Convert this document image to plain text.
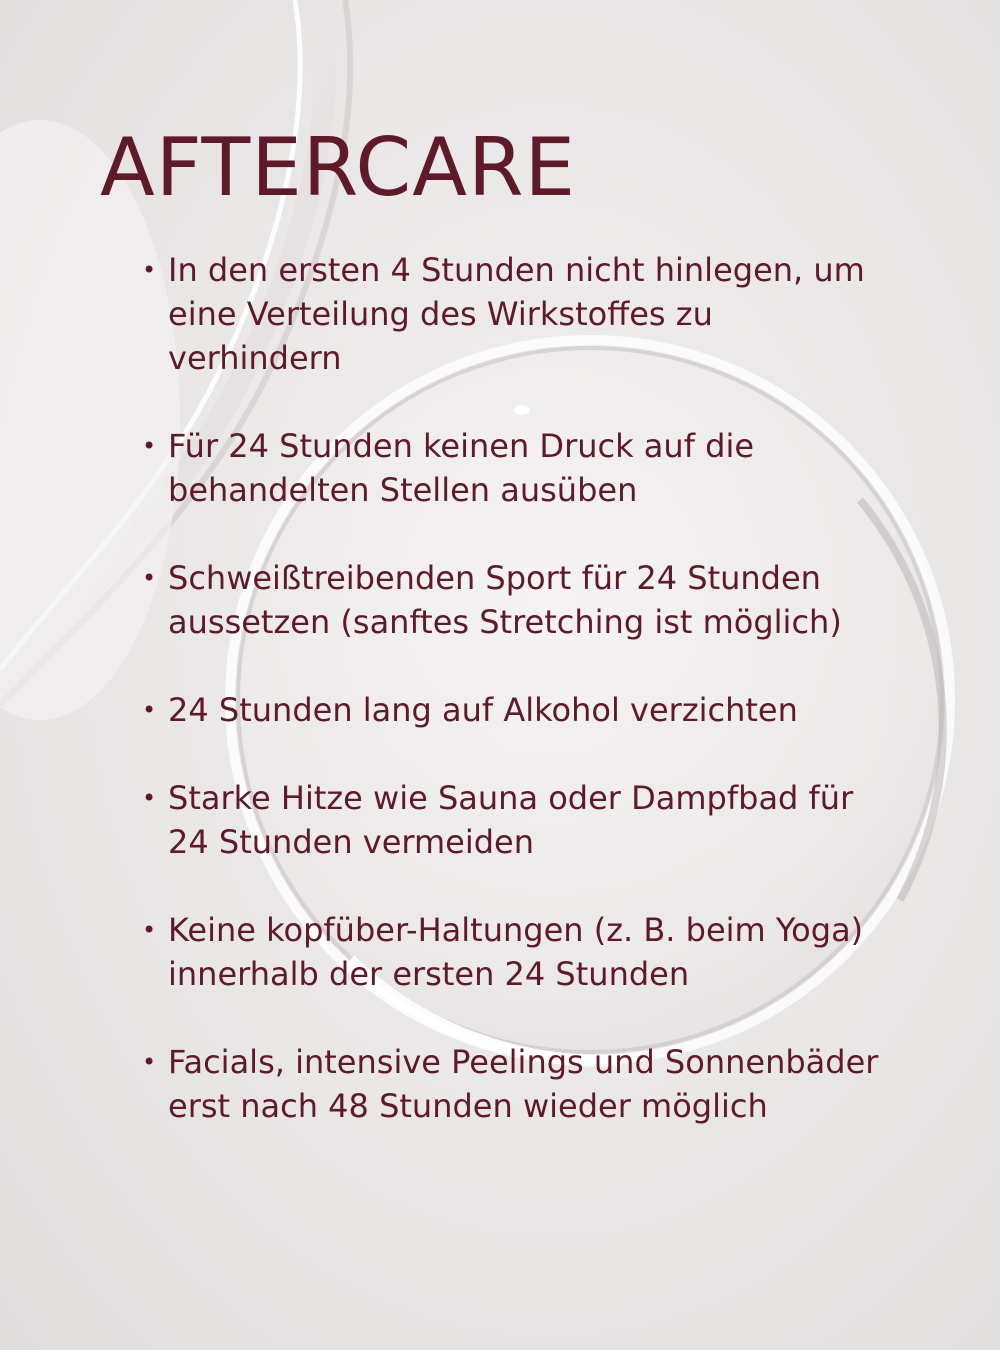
AFTERCARE
• In den ersten 4 Stunden nicht hinlegen, um eine Verteilung des Wirkstoffes zu verhindern
• Für 24 Stunden keinen Druck auf die behandelten Stellen ausüben
• Schweißtreibenden Sport für 24 Stunden aussetzen (sanftes Stretching ist möglich)
• 24 Stunden lang auf Alkohol verzichten
• Starke Hitze wie Sauna oder Dampfbad für 24 Stunden vermeiden
• Keine kopfüber-Haltungen (z. B. beim Yoga) innerhalb der ersten 24 Stunden
• Facials, intensive Peelings und Sonnenbäder erst nach 48 Stunden wieder möglich
